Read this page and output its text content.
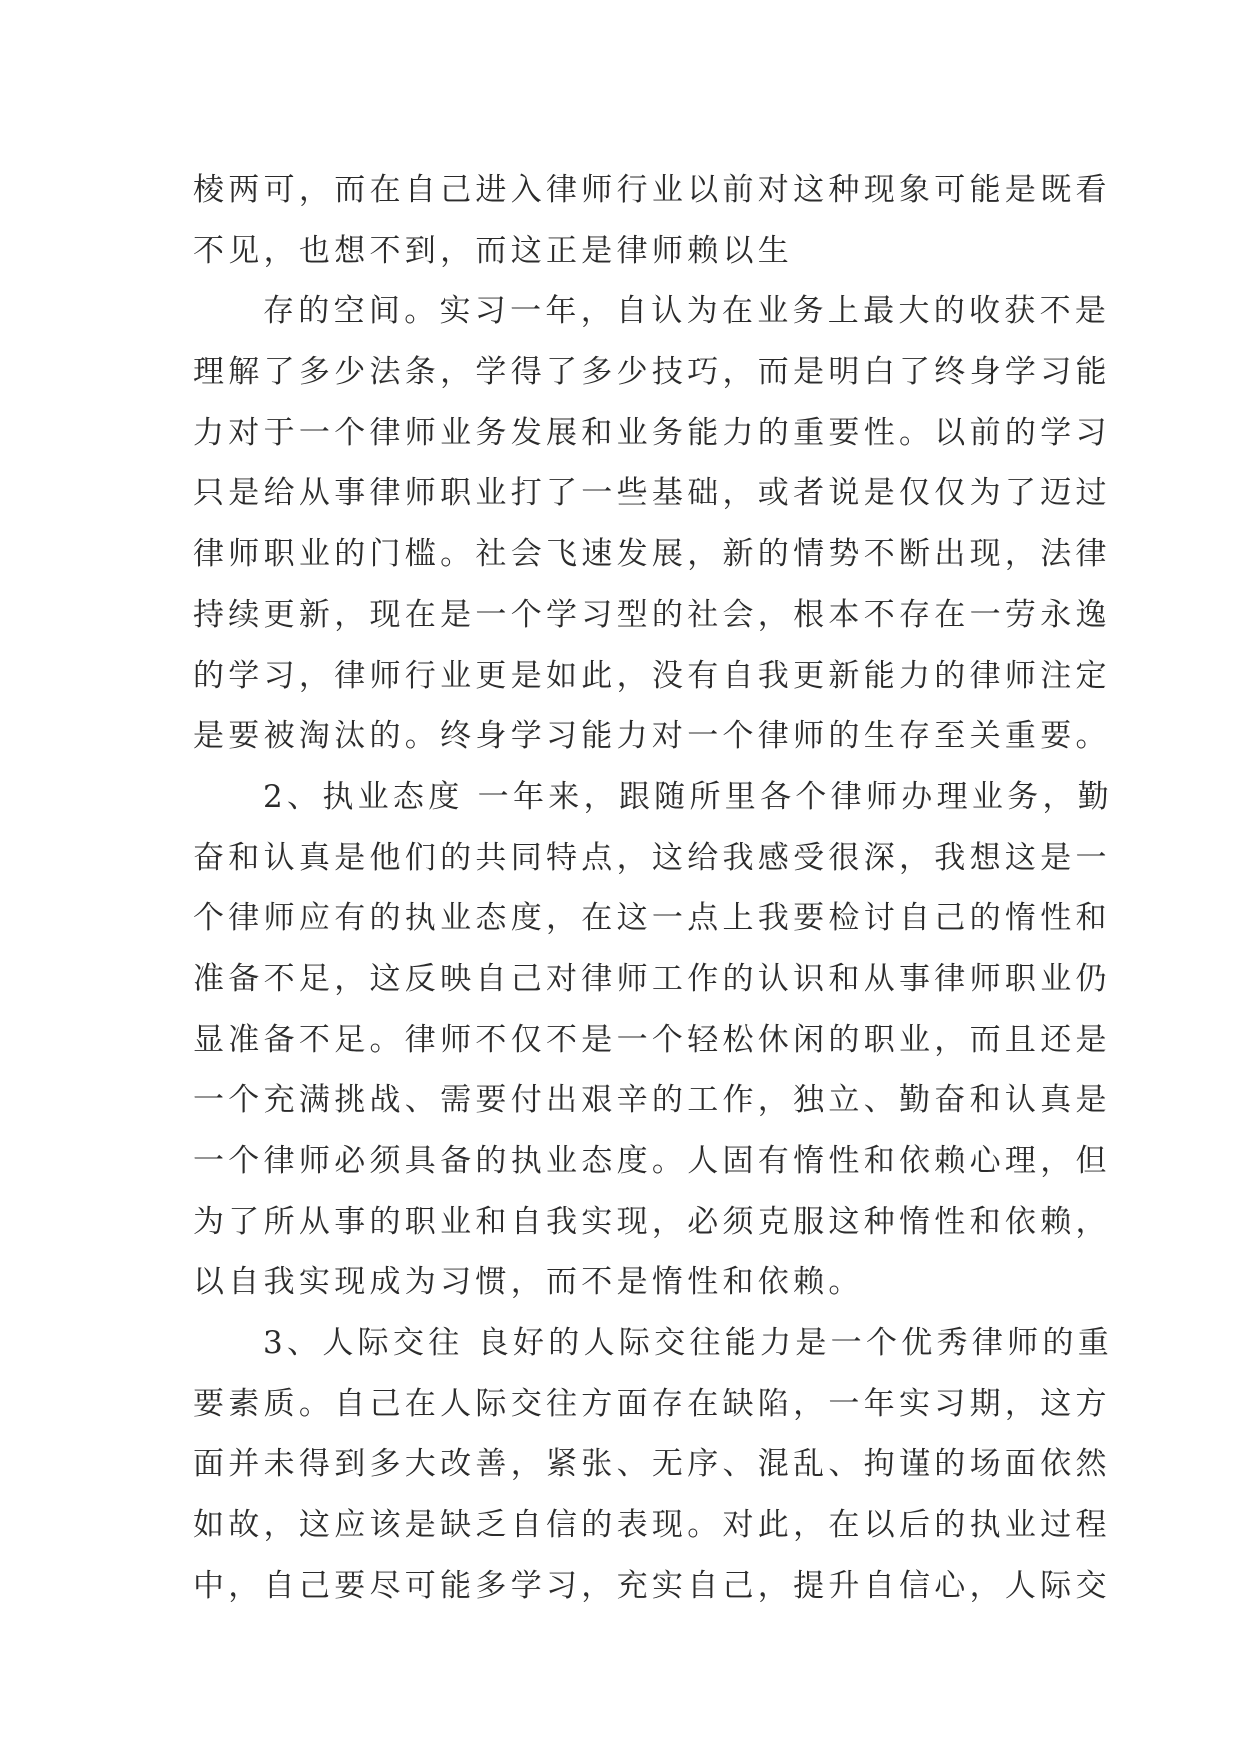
棱两可，而在自己进入律师行业以前对这种现象可能是既看
不见，也想不到，而这正是律师赖以生
存的空间。实习一年，自认为在业务上最大的收获不是
理解了多少法条，学得了多少技巧，而是明白了终身学习能
力对于一个律师业务发展和业务能力的重要性。以前的学习
只是给从事律师职业打了一些基础，或者说是仅仅为了迈过
律师职业的门槛。社会飞速发展，新的情势不断出现，法律
持续更新，现在是一个学习型的社会，根本不存在一劳永逸
的学习，律师行业更是如此，没有自我更新能力的律师注定
是要被淘汰的。终身学习能力对一个律师的生存至关重要。
2、执业态度 一年来，跟随所里各个律师办理业务，勤
奋和认真是他们的共同特点，这给我感受很深，我想这是一
个律师应有的执业态度，在这一点上我要检讨自己的惰性和
准备不足，这反映自己对律师工作的认识和从事律师职业仍
显准备不足。律师不仅不是一个轻松休闲的职业，而且还是
一个充满挑战、需要付出艰辛的工作，独立、勤奋和认真是
一个律师必须具备的执业态度。人固有惰性和依赖心理，但
为了所从事的职业和自我实现，必须克服这种惰性和依赖，
以自我实现成为习惯，而不是惰性和依赖。
3、人际交往 良好的人际交往能力是一个优秀律师的重
要素质。自己在人际交往方面存在缺陷，一年实习期，这方
面并未得到多大改善，紧张、无序、混乱、拘谨的场面依然
如故，这应该是缺乏自信的表现。对此，在以后的执业过程
中，自己要尽可能多学习，充实自己，提升自信心，人际交
